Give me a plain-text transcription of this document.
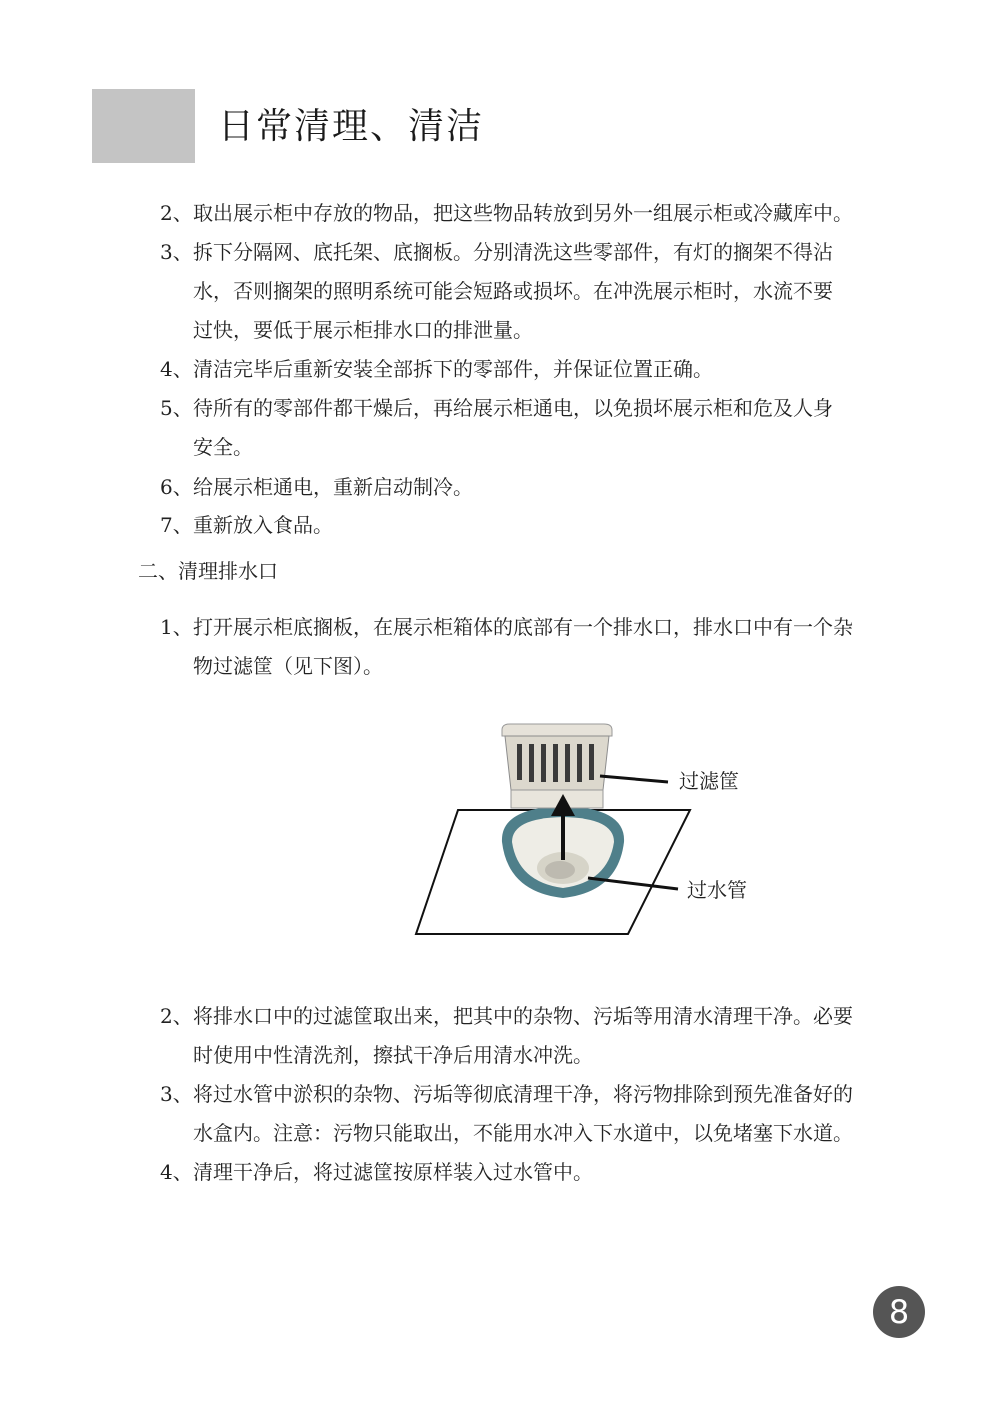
日常清理、清洁
2、 取出展示柜中存放的物品，把这些物品转放到另外一组展示柜或冷藏库中。
3、 拆下分隔网、底托架、底搁板。分别清洗这些零部件，有灯的搁架不得沾
水，否则搁架的照明系统可能会短路或损坏。在冲洗展示柜时，水流不要
过快，要低于展示柜排水口的排泄量。
4、 清洁完毕后重新安装全部拆下的零部件，并保证位置正确。
5、 待所有的零部件都干燥后，再给展示柜通电，以免损坏展示柜和危及人身
安全。
6、 给展示柜通电，重新启动制冷。
7、 重新放入食品。
二、清理排水口
1、 打开展示柜底搁板，在展示柜箱体的底部有一个排水口，排水口中有一个杂
物过滤筐（见下图）。
过滤筐
过水管
2、 将排水口中的过滤筐取出来，把其中的杂物、污垢等用清水清理干净。必要
时使用中性清洗剂，擦拭干净后用清水冲洗。
3、 将过水管中淤积的杂物、污垢等彻底清理干净，将污物排除到预先准备好的
水盒内。注意：污物只能取出，不能用水冲入下水道中，以免堵塞下水道。
4、 清理干净后，将过滤筐按原样装入过水管中。
8
